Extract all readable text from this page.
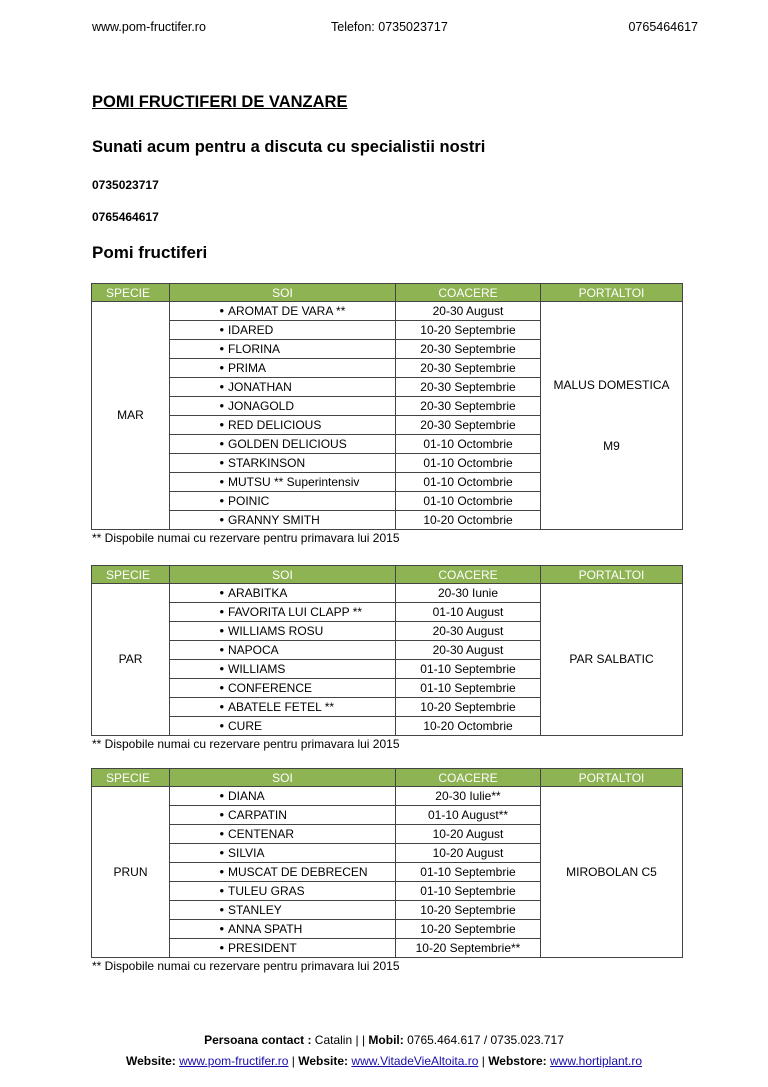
www.pom-fructifer.ro	Telefon: 0735023717	0765464617
POMI FRUCTIFERI DE VANZARE
Sunati acum pentru a discuta cu specialistii nostri
0735023717
0765464617
Pomi fructiferi
SPECIE	SOI	COACERE	PORTALTOI
MAR	• AROMAT DE VARA **	20-30 August	MALUS DOMESTICA
M9

	• IDARED	10-20 Septembrie	
	• FLORINA	20-30 Septembrie	
	• PRIMA	20-30 Septembrie	
	• JONATHAN	20-30 Septembrie	
	• JONAGOLD	20-30 Septembrie	
	• RED DELICIOUS	20-30 Septembrie	
	• GOLDEN DELICIOUS	01-10 Octombrie	
	• STARKINSON	01-10 Octombrie	
	• MUTSU ** Superintensiv	01-10 Octombrie	
	• POINIC	01-10 Octombrie	
	• GRANNY SMITH	10-20 Octombrie	
** Dispobile numai cu rezervare pentru primavara lui 2015
SPECIE	SOI	COACERE	PORTALTOI
PAR	• ARABITKA	20-30 Iunie	PAR SALBATIC

	• FAVORITA LUI CLAPP **	01-10 August	
	• WILLIAMS ROSU	20-30 August	
	• NAPOCA	20-30 August	
	• WILLIAMS	01-10 Septembrie	
	• CONFERENCE	01-10 Septembrie	
	• ABATELE FETEL **	10-20 Septembrie	
	• CURE	10-20 Octombrie	
** Dispobile numai cu rezervare pentru primavara lui 2015
SPECIE	SOI	COACERE	PORTALTOI
PRUN	• DIANA	20-30 Iulie**	MIROBOLAN C5

	• CARPATIN	01-10 August**	
	• CENTENAR	10-20 August	
	• SILVIA	10-20 August	
	• MUSCAT DE DEBRECEN	01-10 Septembrie	
	• TULEU GRAS	01-10 Septembrie	
	• STANLEY	10-20 Septembrie	
	• ANNA SPATH	10-20 Septembrie	
	• PRESIDENT	10-20 Septembrie**	
** Dispobile numai cu rezervare pentru primavara lui 2015
Persoana contact : Catalin | | Mobil: 0765.464.617 / 0735.023.717
Website: www.pom-fructifer.ro | Website: www.VitadeVieAltoita.ro | Webstore: www.hortiplant.ro
